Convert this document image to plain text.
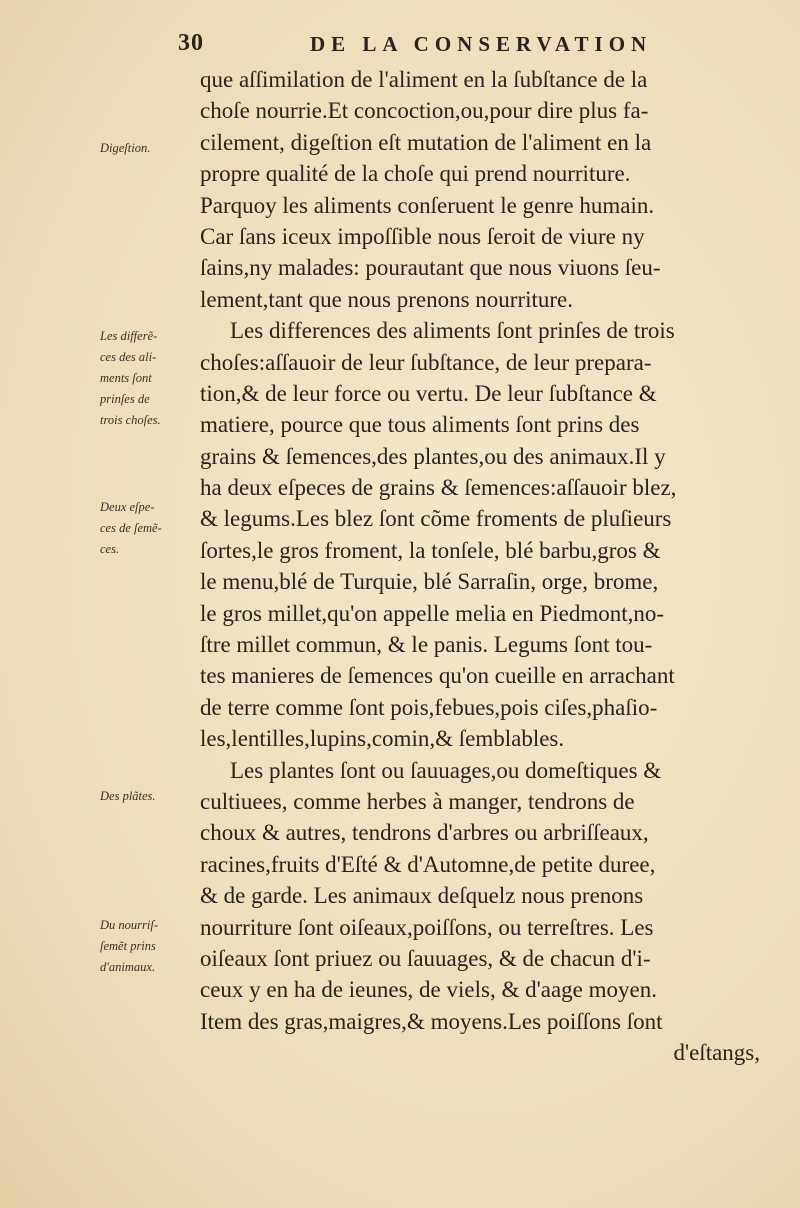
30	DE LA CONSERVATION
que aſſimilation de l'aliment en la ſubſtance de la
choſe nourrie.Et concoction,ou,pour dire plus fa-
cilement, digeſtion eſt mutation de l'aliment en la
propre qualité de la choſe qui prend nourriture.
Parquoy les aliments conſeruent le genre humain.
Car ſans iceux impoſſible nous ſeroit de viure ny
ſains,ny malades: pourautant que nous viuons ſeu-
lement,tant que nous prenons nourriture.
Les differences des aliments ſont prinſes de trois
choſes:aſſauoir de leur ſubſtance, de leur prepara-
tion,& de leur force ou vertu. De leur ſubſtance &
matiere, pource que tous aliments ſont prins des
grains & ſemences,des plantes,ou des animaux.Il y
ha deux eſpeces de grains & ſemences:aſſauoir blez,
& legums.Les blez ſont cõme froments de pluſieurs
ſortes,le gros froment, la tonſele, blé barbu,gros &
le menu,blé de Turquie, blé Sarraſin, orge, brome,
le gros millet,qu'on appelle melia en Piedmont,no-
ſtre millet commun, & le panis. Legums ſont tou-
tes manieres de ſemences qu'on cueille en arrachant
de terre comme ſont pois,febues,pois ciſes,phaſio-
les,lentilles,lupins,comin,& ſemblables.
Les plantes ſont ou ſauuages,ou domeſtiques &
cultiuees, comme herbes à manger, tendrons de
choux & autres, tendrons d'arbres ou arbriſſeaux,
racines,fruits d'Eſté & d'Automne,de petite duree,
& de garde. Les animaux deſquelz nous prenons
nourriture ſont oiſeaux,poiſſons, ou terreſtres. Les
oiſeaux ſont priuez ou ſauuages, & de chacun d'i-
ceux y en ha de ieunes, de viels, & d'aage moyen.
Item des gras,maigres,& moyens.Les poiſſons ſont
d'eſtangs,
Digeſtion.
Les differẽ-
ces des ali-
ments ſont
prinſes de
trois choſes.
Deux eſpe-
ces de ſemẽ-
ces.
Des plãtes.
Du nourriſ-
ſemẽt prins
d'animaux.
